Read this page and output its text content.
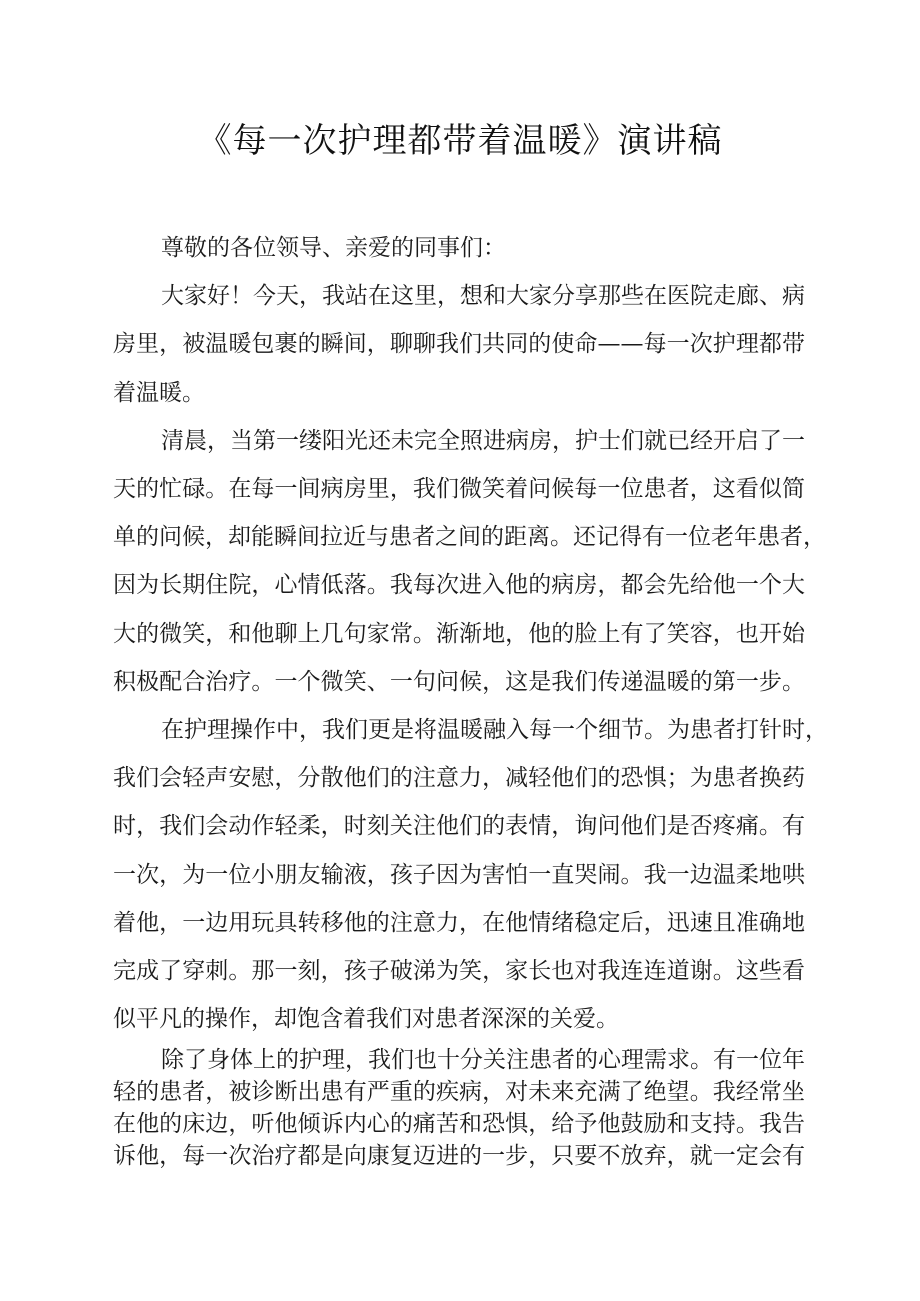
《每一次护理都带着温暖》演讲稿
尊敬的各位领导、亲爱的同事们：
大家好！今天，我站在这里，想和大家分享那些在医院走廊、病
房里，被温暖包裹的瞬间，聊聊我们共同的使命——每一次护理都带
着温暖。
清晨，当第一缕阳光还未完全照进病房，护士们就已经开启了一
天的忙碌。在每一间病房里，我们微笑着问候每一位患者，这看似简
单的问候，却能瞬间拉近与患者之间的距离。还记得有一位老年患者，
因为长期住院，心情低落。我每次进入他的病房，都会先给他一个大
大的微笑，和他聊上几句家常。渐渐地，他的脸上有了笑容，也开始
积极配合治疗。一个微笑、一句问候，这是我们传递温暖的第一步。
在护理操作中，我们更是将温暖融入每一个细节。为患者打针时，
我们会轻声安慰，分散他们的注意力，减轻他们的恐惧；为患者换药
时，我们会动作轻柔，时刻关注他们的表情，询问他们是否疼痛。有
一次，为一位小朋友输液，孩子因为害怕一直哭闹。我一边温柔地哄
着他，一边用玩具转移他的注意力，在他情绪稳定后，迅速且准确地
完成了穿刺。那一刻，孩子破涕为笑，家长也对我连连道谢。这些看
似平凡的操作，却饱含着我们对患者深深的关爱。
除了身体上的护理，我们也十分关注患者的心理需求。有一位年
轻的患者，被诊断出患有严重的疾病，对未来充满了绝望。我经常坐
在他的床边，听他倾诉内心的痛苦和恐惧，给予他鼓励和支持。我告
诉他，每一次治疗都是向康复迈进的一步，只要不放弃，就一定会有
